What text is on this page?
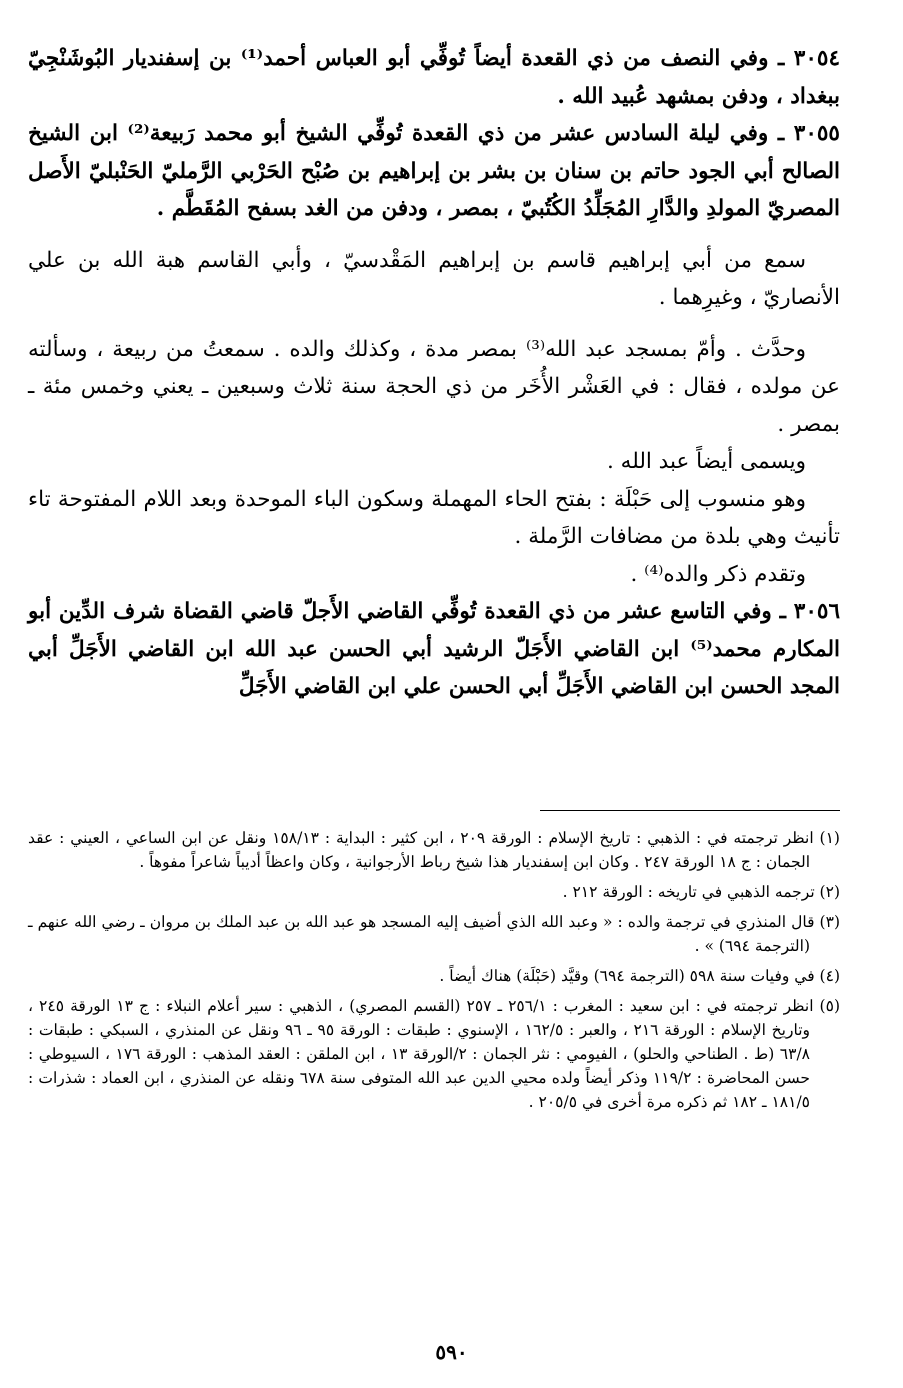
٣٠٥٤ ـ وفي النصف من ذي القعدة أيضاً تُوفِّي أبو العباس أحمد⁽¹⁾ بن إسفنديار البُوشَنْجِيّ ببغداد ، ودفن بمشهد عُبيد الله .

٣٠٥٥ ـ وفي ليلة السادس عشر من ذي القعدة تُوفِّي الشيخ أبو محمد رَبيعة⁽²⁾ ابن الشيخ الصالح أبي الجود حاتم بن سنان بن بشر بن إبراهيم بن صُبْح الحَرْبي الرَّمليّ الحَنْبليّ الأَصل المصريّ المولدِ والدَّارِ المُجَلِّدُ الكُتُبيّ ، بمصر ، ودفن من الغد بسفح المُقَطَّم .

سمع من أبي إبراهيم قاسم بن إبراهيم المَقْدسيّ ، وأبي القاسم هبة الله بن علي الأنصاريّ ، وغيرِهما .

وحدَّث . وأمّ بمسجد عبد الله⁽³⁾ بمصر مدة ، وكذلك والده . سمعتُ من ربيعة ، وسألته عن مولده ، فقال : في العَشْر الأُخَر من ذي الحجة سنة ثلاث وسبعين ـ يعني وخمس مئة ـ بمصر .

ويسمى أيضاً عبد الله .

وهو منسوب إلى حَبْلَة : بفتح الحاء المهملة وسكون الباء الموحدة وبعد اللام المفتوحة تاء تأنيث وهي بلدة من مضافات الرَّملة .

وتقدم ذكر والده⁽⁴⁾ .

٣٠٥٦ ـ وفي التاسع عشر من ذي القعدة تُوفِّي القاضي الأَجلّ قاضي القضاة شرف الدِّين أبو المكارم محمد⁽⁵⁾ ابن القاضي الأَجَلّ الرشيد أبي الحسن عبد الله ابن القاضي الأَجَلِّ أبي المجد الحسن ابن القاضي الأَجَلِّ أبي الحسن علي ابن القاضي الأَجَلِّ

(١) انظر ترجمته في : الذهبي : تاريخ الإسلام : الورقة ٢٠٩ ، ابن كثير : البداية : ١٥٨/١٣ ونقل عن ابن الساعي ، العيني : عقد الجمان : ج ١٨ الورقة ٢٤٧ . وكان ابن إسفنديار هذا شيخ رباط الأرجوانية ، وكان واعظاً أديباً شاعراً مفوهاً .

(٢) ترجمه الذهبي في تاريخه : الورقة ٢١٢ .

(٣) قال المنذري في ترجمة والده : « وعبد الله الذي أضيف إليه المسجد هو عبد الله بن عبد الملك بن مروان ـ رضي الله عنهم ـ (الترجمة ٦٩٤) » .

(٤) في وفيات سنة ٥٩٨ (الترجمة ٦٩٤) وقيَّد (حَبْلَة) هناك أيضاً .

(٥) انظر ترجمته في : ابن سعيد : المغرب : ٢٥٦/١ ـ ٢٥٧ (القسم المصري) ، الذهبي : سير أعلام النبلاء : ج ١٣ الورقة ٢٤٥ ، وتاريخ الإسلام : الورقة ٢١٦ ، والعبر : ١٦٢/٥ ، الإسنوي : طبقات : الورقة ٩٥ ـ ٩٦ ونقل عن المنذري ، السبكي : طبقات : ٦٣/٨ (ط . الطناحي والحلو) ، الفيومي : نثر الجمان : ٢/الورقة ١٣ ، ابن الملقن : العقد المذهب : الورقة ١٧٦ ، السيوطي : حسن المحاضرة : ١١٩/٢ وذكر أيضاً ولده محيي الدين عبد الله المتوفى سنة ٦٧٨ ونقله عن المنذري ، ابن العماد : شذرات : ١٨١/٥ ـ ١٨٢ ثم ذكره مرة أخرى في ٢٠٥/٥ .

٥٩٠
